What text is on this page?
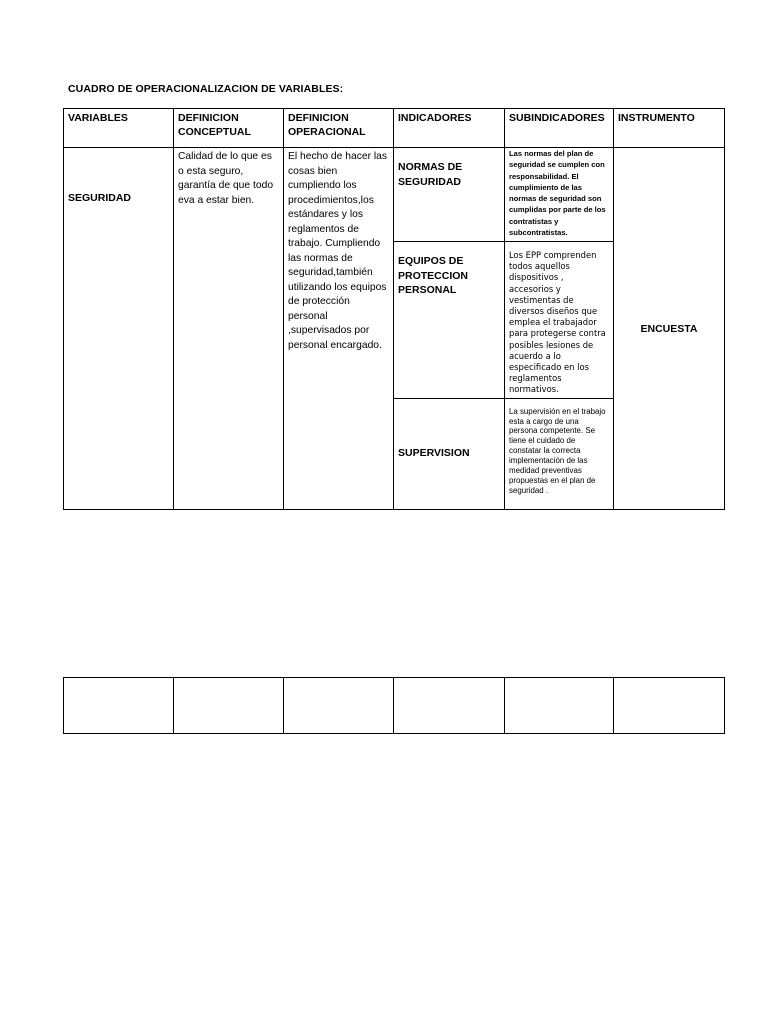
CUADRO DE OPERACIONALIZACION DE VARIABLES:
VARIABLES	DEFINICION CONCEPTUAL	DEFINICION OPERACIONAL	INDICADORES	SUBINDICADORES	INSTRUMENTO
SEGURIDAD	Calidad de lo que es o esta seguro, garantía de que todo eva a estar bien.	El hecho de hacer las cosas bien cumpliendo los procedimientos,los estándares y los reglamentos de trabajo. Cumpliendo las normas de seguridad,también utilizando los equipos de protección personal ,supervisados por personal encargado.	NORMAS DE SEGURIDAD	Las normas del plan de seguridad se cumplen con responsabilidad. El cumplimiento de las normas de seguridad son cumplidas por parte de los contratistas y subcontratistas.	ENCUESTA

			EQUIPOS DE PROTECCION PERSONAL	Los EPP comprenden todos aquellos dispositivos , accesorios y vestimentas de diversos diseños que emplea el trabajador para protegerse contra posibles lesiones de acuerdo a lo especificado en los reglamentos normativos.	

			SUPERVISION	La supervisión en el trabajo esta a cargo de una persona competente. Se tiene el cuidado de constatar la correcta implementación de las medidad preventivas propuestas en el plan de seguridad .	
